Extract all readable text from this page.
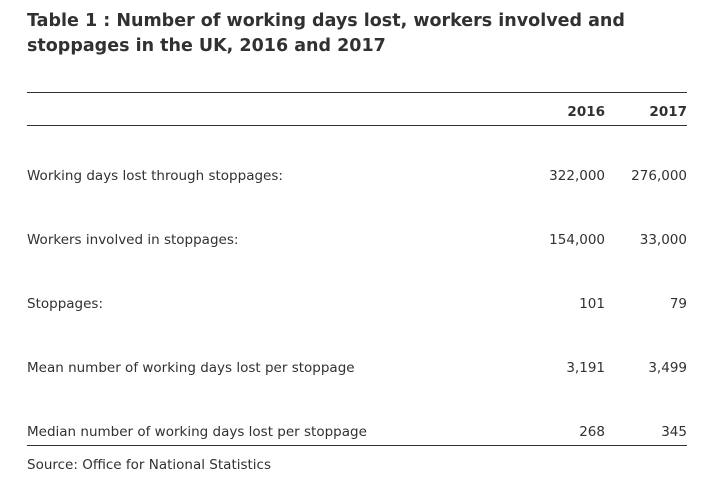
Table 1 : Number of working days lost, workers involved and stoppages in the UK, 2016 and 2017
2016	2017
Working days lost through stoppages:	322,000	276,000
Workers involved in stoppages:	154,000	33,000
Stoppages:	101	79
Mean number of working days lost per stoppage	3,191	3,499
Median number of working days lost per stoppage	268	345
Source: Office for National Statistics
